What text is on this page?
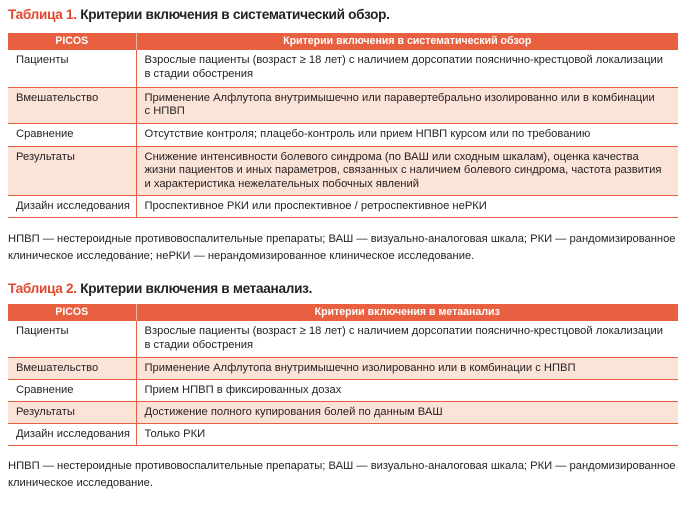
Таблица 1. Критерии включения в систематический обзор.
PICOS	Критерии включения в систематический обзор
Пациенты	Взрослые пациенты (возраст ≥ 18 лет) с наличием дорсопатии пояснично-крестцовой локализации
в стадии обострения

Вмешательство	Применение Алфлутопа внутримышечно или паравертебрально изолированно или в комбинации
с НПВП

Сравнение	Отсутствие контроля; плацебо-контроль или прием НПВП курсом или по требованию

Результаты	Снижение интенсивности болевого синдрома (по ВАШ или сходным шкалам), оценка качества
жизни пациентов и иных параметров, связанных с наличием болевого синдрома, частота развития
и характеристика нежелательных побочных явлений

Дизайн исследования	Проспективное РКИ или проспективное / ретроспективное неРКИ
НПВП — нестероидные противовоспалительные препараты; ВАШ — визуально-аналоговая шкала; РКИ — рандомизированное
клиническое исследование; неРКИ — нерандомизированное клиническое исследование.
Таблица 2. Критерии включения в метаанализ.
PICOS	Критерии включения в метаанализ
Пациенты	Взрослые пациенты (возраст ≥ 18 лет) с наличием дорсопатии пояснично-крестцовой локализации
в стадии обострения

Вмешательство	Применение Алфлутопа внутримышечно изолированно или в комбинации с НПВП

Сравнение	Прием НПВП в фиксированных дозах

Результаты	Достижение полного купирования болей по данным ВАШ

Дизайн исследования	Только РКИ
НПВП — нестероидные противовоспалительные препараты; ВАШ — визуально-аналоговая шкала; РКИ — рандомизированное
клиническое исследование.
